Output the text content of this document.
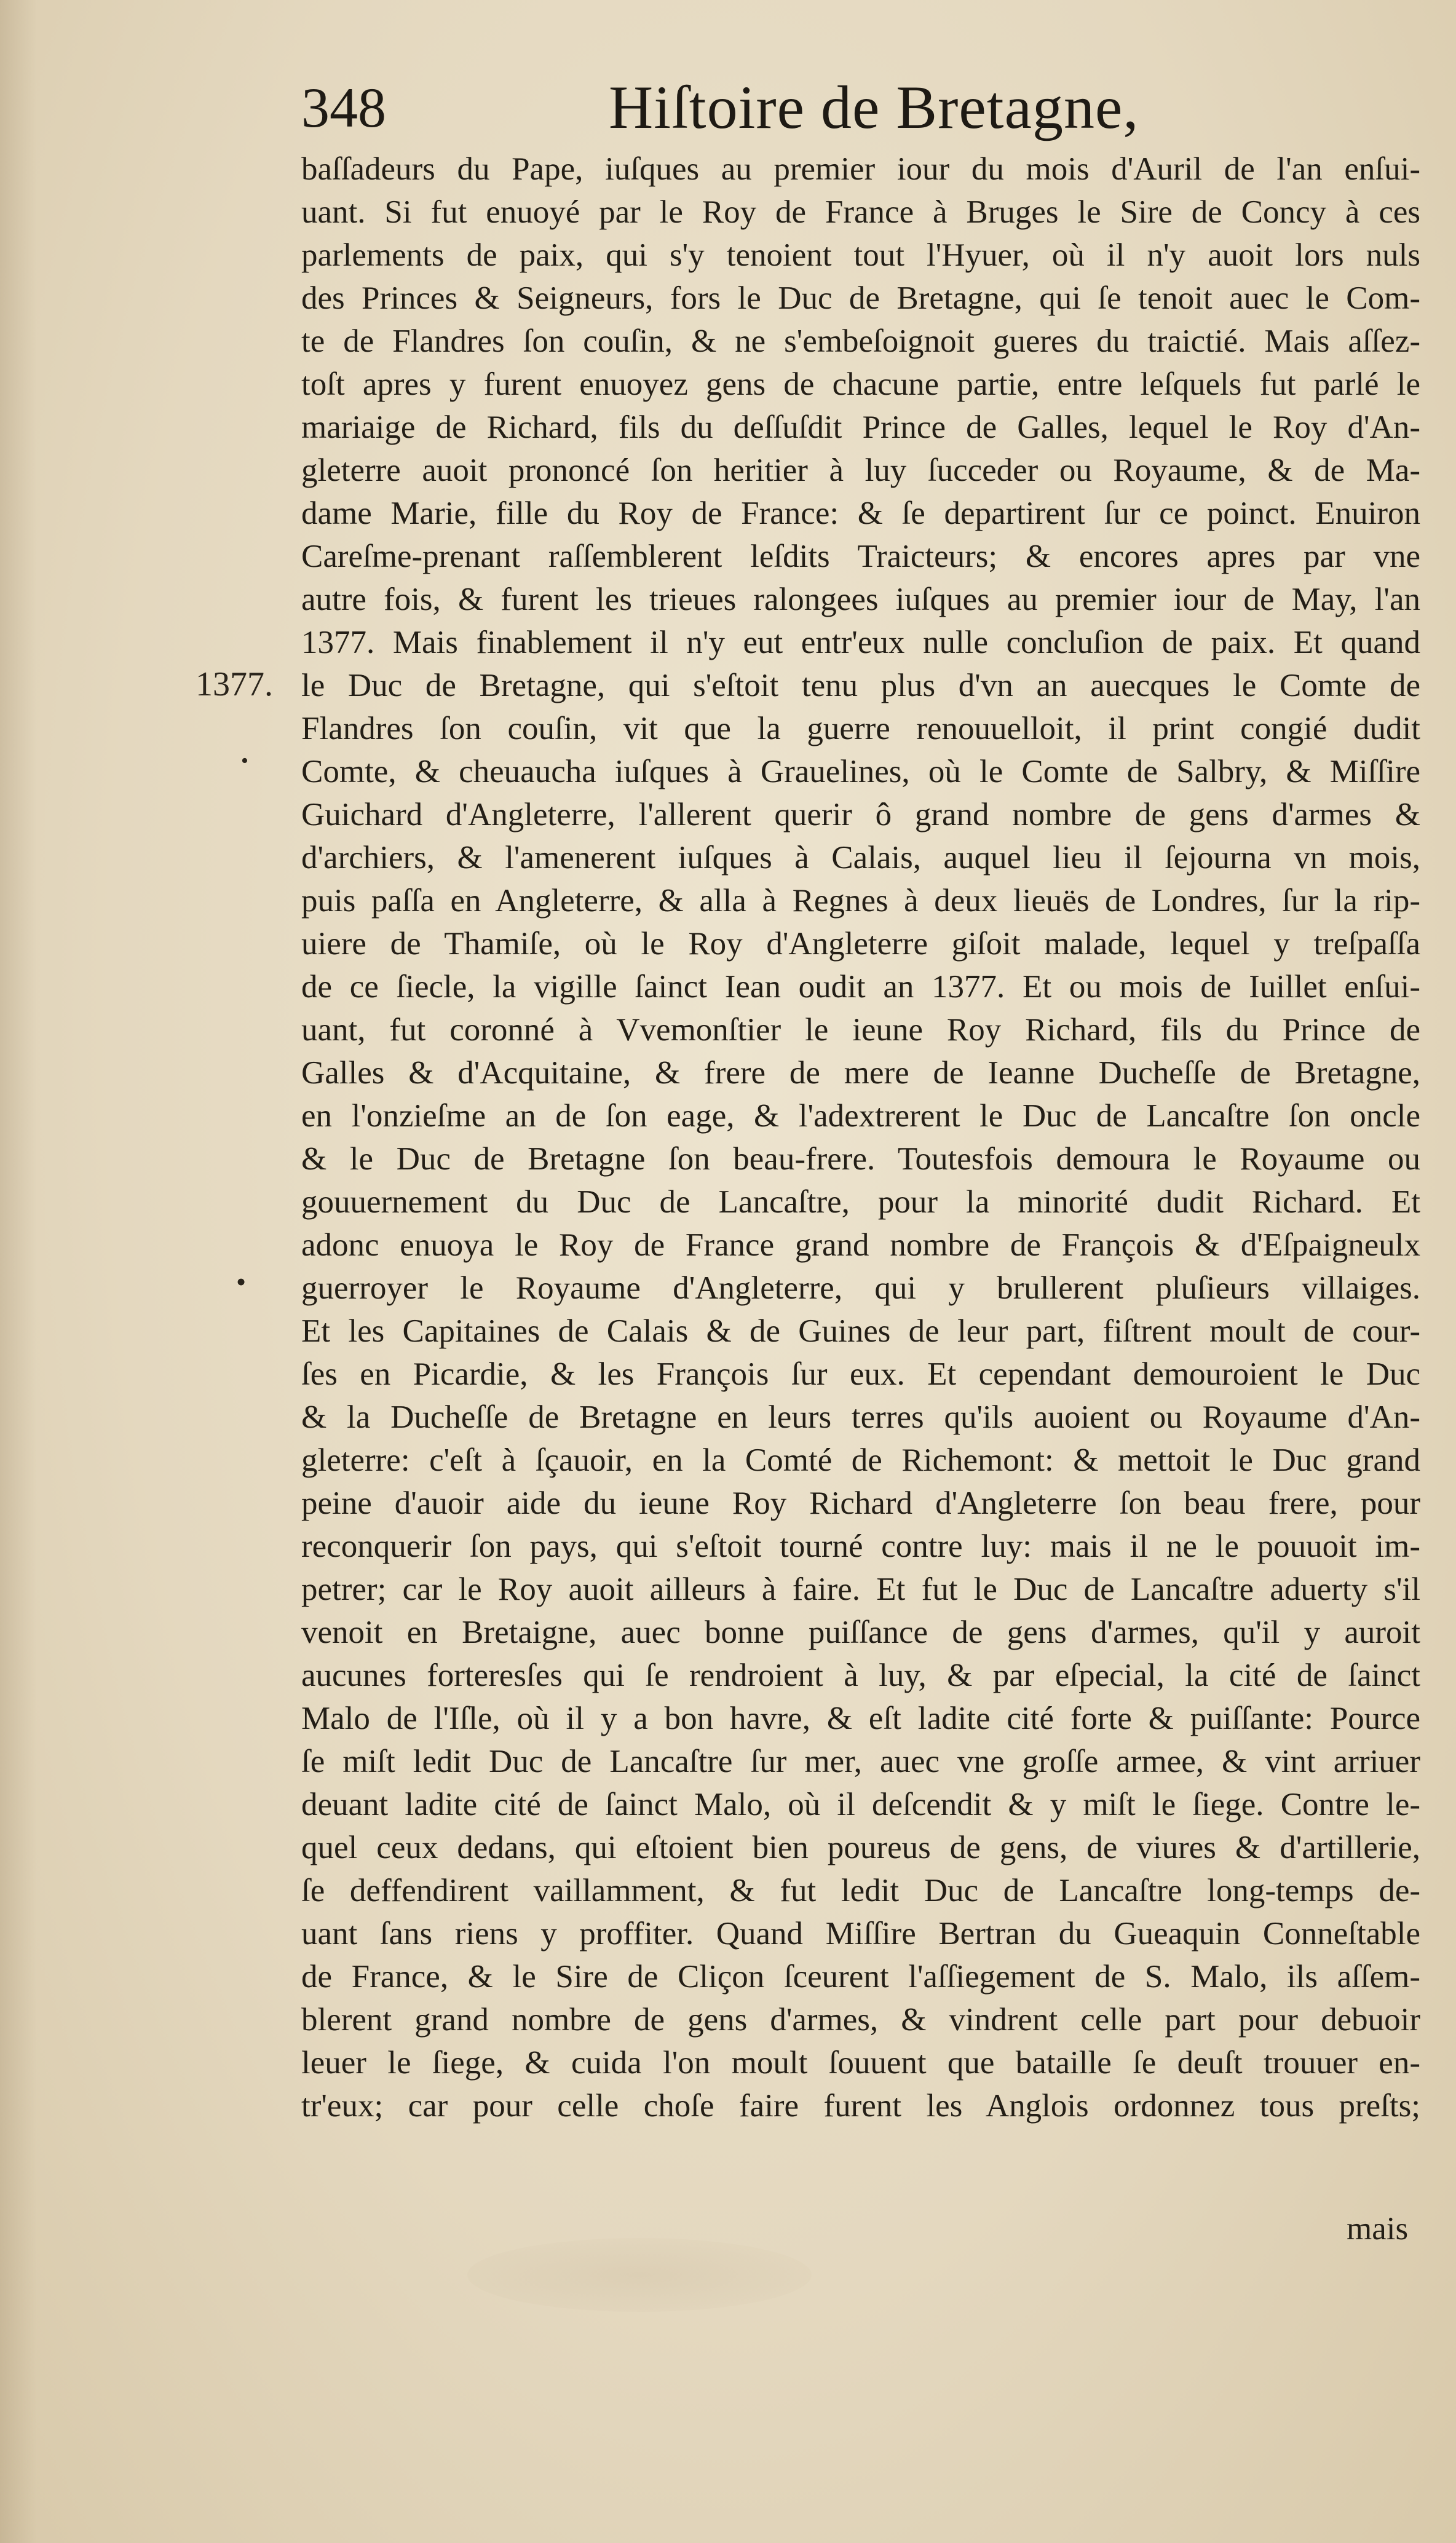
348	Hiſtoire de Bretagne,
1377.
•
•
baſſadeurs du Pape, iuſques au premier iour du mois d'Auril de l'an enſui-
uant. Si fut enuoyé par le Roy de France à Bruges le Sire de Concy à ces
parlements de paix, qui s'y tenoient tout l'Hyuer, où il n'y auoit lors nuls
des Princes & Seigneurs, fors le Duc de Bretagne, qui ſe tenoit auec le Com-
te de Flandres ſon couſin, & ne s'embeſoignoit gueres du traictié. Mais aſſez-
toſt apres y furent enuoyez gens de chacune partie, entre leſquels fut parlé le
mariaige de Richard, fils du deſſuſdit Prince de Galles, lequel le Roy d'An-
gleterre auoit prononcé ſon heritier à luy ſucceder ou Royaume, & de Ma-
dame Marie, fille du Roy de France: & ſe departirent ſur ce poinct. Enuiron
Careſme-prenant raſſemblerent leſdits Traicteurs; & encores apres par vne
autre fois, & furent les trieues ralongees iuſques au premier iour de May, l'an
1377. Mais finablement il n'y eut entr'eux nulle concluſion de paix. Et quand
le Duc de Bretagne, qui s'eſtoit tenu plus d'vn an auecques le Comte de
Flandres ſon couſin, vit que la guerre renouuelloit, il print congié dudit
Comte, & cheuaucha iuſques à Grauelines, où le Comte de Salbry, & Miſſire
Guichard d'Angleterre, l'allerent querir ô grand nombre de gens d'armes &
d'archiers, & l'amenerent iuſques à Calais, auquel lieu il ſejourna vn mois,
puis paſſa en Angleterre, & alla à Regnes à deux lieuës de Londres, ſur la rip-
uiere de Thamiſe, où le Roy d'Angleterre giſoit malade, lequel y treſpaſſa
de ce ſiecle, la vigille ſainct Iean oudit an 1377. Et ou mois de Iuillet enſui-
uant, fut coronné à Vvemonſtier le ieune Roy Richard, fils du Prince de
Galles & d'Acquitaine, & frere de mere de Ieanne Ducheſſe de Bretagne,
en l'onzieſme an de ſon eage, & l'adextrerent le Duc de Lancaſtre ſon oncle
& le Duc de Bretagne ſon beau-frere. Toutesfois demoura le Royaume ou
gouuernement du Duc de Lancaſtre, pour la minorité dudit Richard. Et
adonc enuoya le Roy de France grand nombre de François & d'Eſpaigneulx
guerroyer le Royaume d'Angleterre, qui y brullerent pluſieurs villaiges.
Et les Capitaines de Calais & de Guines de leur part, fiſtrent moult de cour-
ſes en Picardie, & les François ſur eux. Et cependant demouroient le Duc
& la Ducheſſe de Bretagne en leurs terres qu'ils auoient ou Royaume d'An-
gleterre: c'eſt à ſçauoir, en la Comté de Richemont: & mettoit le Duc grand
peine d'auoir aide du ieune Roy Richard d'Angleterre ſon beau frere, pour
reconquerir ſon pays, qui s'eſtoit tourné contre luy: mais il ne le pouuoit im-
petrer; car le Roy auoit ailleurs à faire. Et fut le Duc de Lancaſtre aduerty s'il
venoit en Bretaigne, auec bonne puiſſance de gens d'armes, qu'il y auroit
aucunes forteresſes qui ſe rendroient à luy, & par eſpecial, la cité de ſainct
Malo de l'Iſle, où il y a bon havre, & eſt ladite cité forte & puiſſante: Pource
ſe miſt ledit Duc de Lancaſtre ſur mer, auec vne groſſe armee, & vint arriuer
deuant ladite cité de ſainct Malo, où il deſcendit & y miſt le ſiege. Contre le-
quel ceux dedans, qui eſtoient bien poureus de gens, de viures & d'artillerie,
ſe deffendirent vaillamment, & fut ledit Duc de Lancaſtre long-temps de-
uant ſans riens y proffiter. Quand Miſſire Bertran du Gueaquin Conneſtable
de France, & le Sire de Cliçon ſceurent l'aſſiegement de S. Malo, ils aſſem-
blerent grand nombre de gens d'armes, & vindrent celle part pour debuoir
leuer le ſiege, & cuida l'on moult ſouuent que bataille ſe deuſt trouuer en-
tr'eux; car pour celle choſe faire furent les Anglois ordonnez tous preſts;
mais
